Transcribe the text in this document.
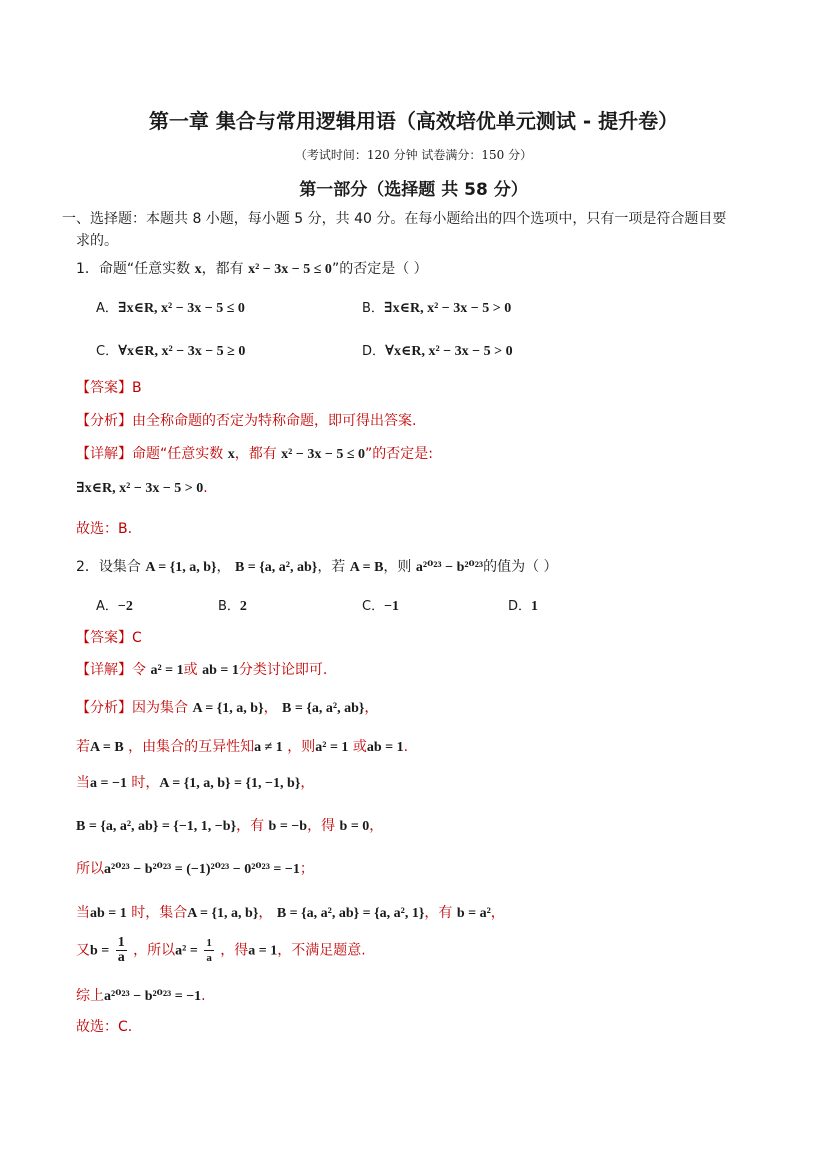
第一章 集合与常用逻辑用语（高效培优单元测试 - 提升卷）
（考试时间：120 分钟 试卷满分：150 分）
第一部分（选择题 共 58 分）
一、选择题：本题共 8 小题，每小题 5 分，共 40 分。在每小题给出的四个选项中，只有一项是符合题目要
求的。
1．命题“任意实数 x，都有 x² − 3x − 5 ≤ 0”的否定是（ ）
A．∃x∈R, x² − 3x − 5 ≤ 0	B．∃x∈R, x² − 3x − 5 > 0
C．∀x∈R, x² − 3x − 5 ≥ 0	D．∀x∈R, x² − 3x − 5 > 0
【答案】B
【分析】由全称命题的否定为特称命题，即可得出答案.
【详解】命题“任意实数 x，都有 x² − 3x − 5 ≤ 0”的否定是:
∃x∈R, x² − 3x − 5 > 0.
故选：B.
2．设集合 A = {1, a, b}， B = {a, a², ab}，若 A = B，则 a²⁰²³ − b²⁰²³的值为（ ）
A．−2	B．2	C．−1	D．1
【答案】C
【详解】令 a² = 1或 ab = 1分类讨论即可.
【分析】因为集合 A = {1, a, b}， B = {a, a², ab}，
若A = B ，由集合的互异性知a ≠ 1 ，则a² = 1 或ab = 1.
当a = −1 时，A = {1, a, b} = {1, −1, b}，
B = {a, a², ab} = {−1, 1, −b}，有 b = −b，得 b = 0，
所以a²⁰²³ − b²⁰²³ = (−1)²⁰²³ − 0²⁰²³ = −1；
当ab = 1 时，集合A = {1, a, b}， B = {a, a², ab} = {a, a², 1}，有 b = a²，
又$b = \frac{1}{a}$ ，所以$a^2 = \frac{1}{a}$ ，得a = 1，不满足题意.
综上a²⁰²³ − b²⁰²³ = −1.
故选：C.
